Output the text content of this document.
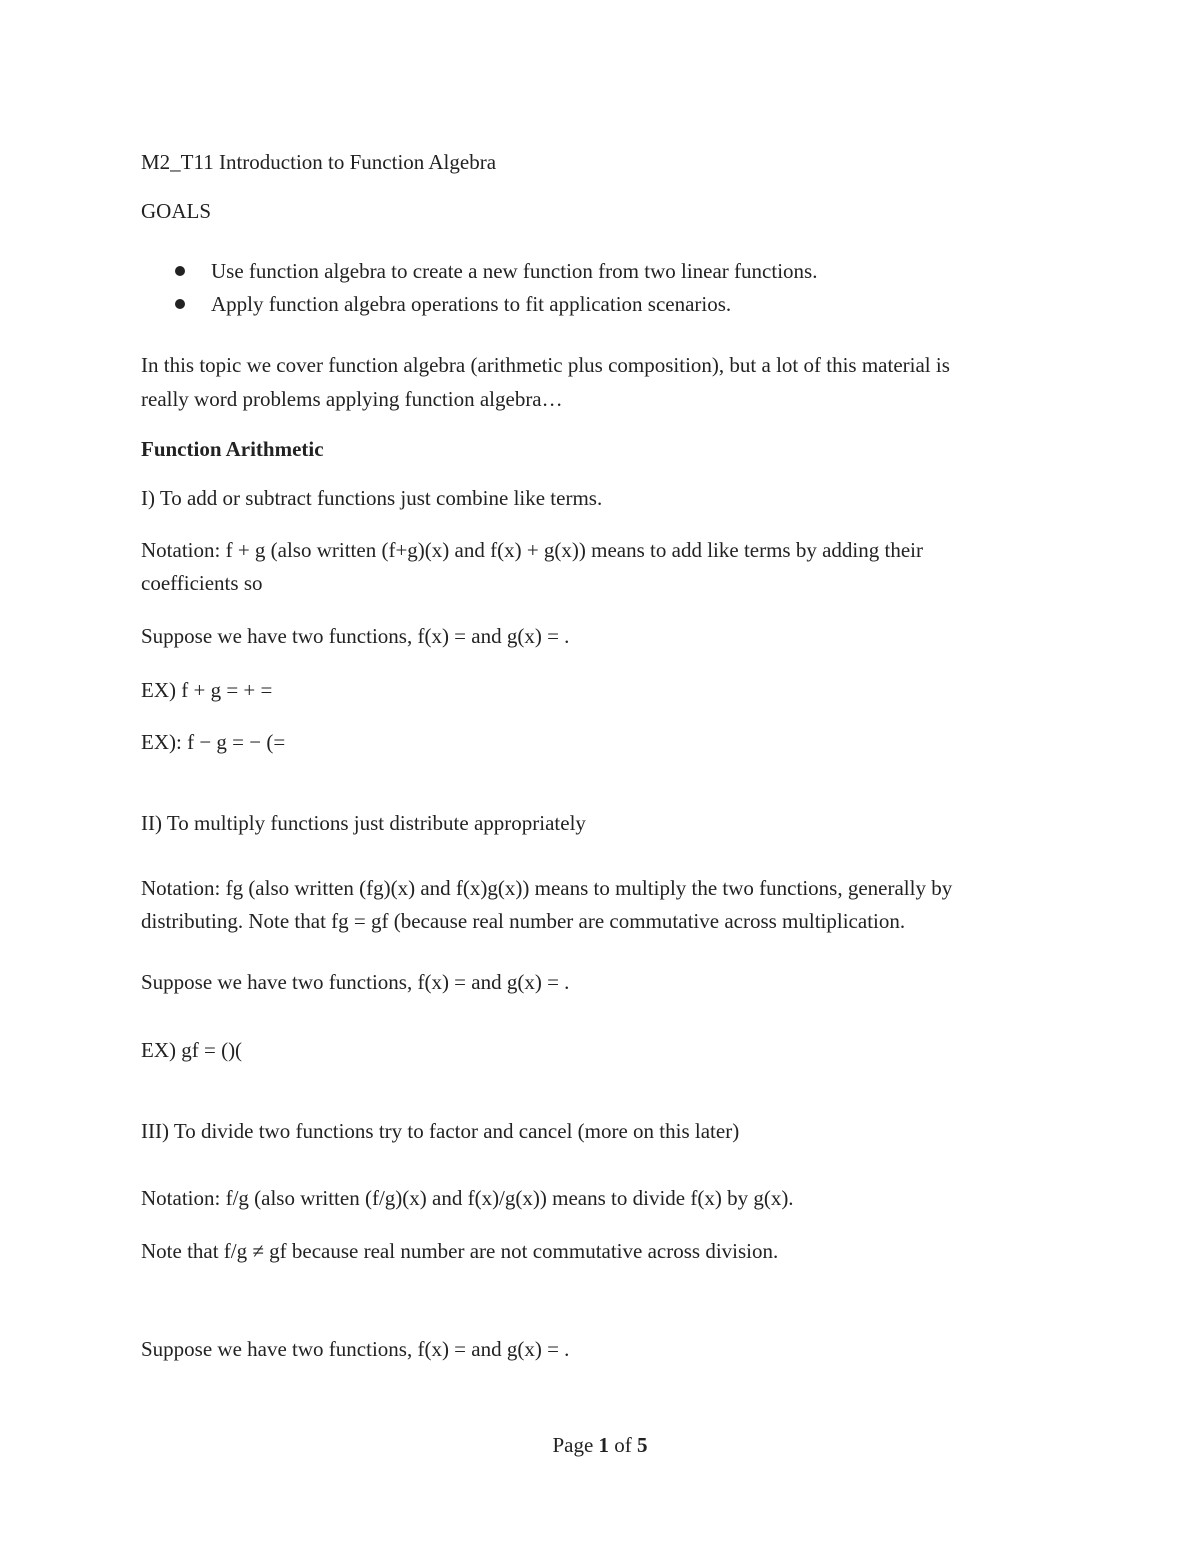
M2_T11 Introduction to Function Algebra
GOALS
Use function algebra to create a new function from two linear functions.
Apply function algebra operations to fit application scenarios.
In this topic we cover function algebra (arithmetic plus composition), but a lot of this material is
really word problems applying function algebra…
Function Arithmetic
I) To add or subtract functions just combine like terms.
Notation: f + g (also written (f+g)(x) and f(x) + g(x)) means to add like terms by adding their
coefficients so
Suppose we have two functions, f(x) = and g(x) = .
EX) f + g = + =
EX): f − g = − (=
II) To multiply functions just distribute appropriately
Notation: fg (also written (fg)(x) and f(x)g(x)) means to multiply the two functions, generally by
distributing. Note that fg = gf (because real number are commutative across multiplication.
Suppose we have two functions, f(x) = and g(x) = .
EX) gf = ()(
III) To divide two functions try to factor and cancel (more on this later)
Notation: f/g (also written (f/g)(x) and f(x)/g(x)) means to divide f(x) by g(x).
Note that f/g ≠ gf because real number are not commutative across division.
Suppose we have two functions, f(x) = and g(x) = .
Page 1 of 5
